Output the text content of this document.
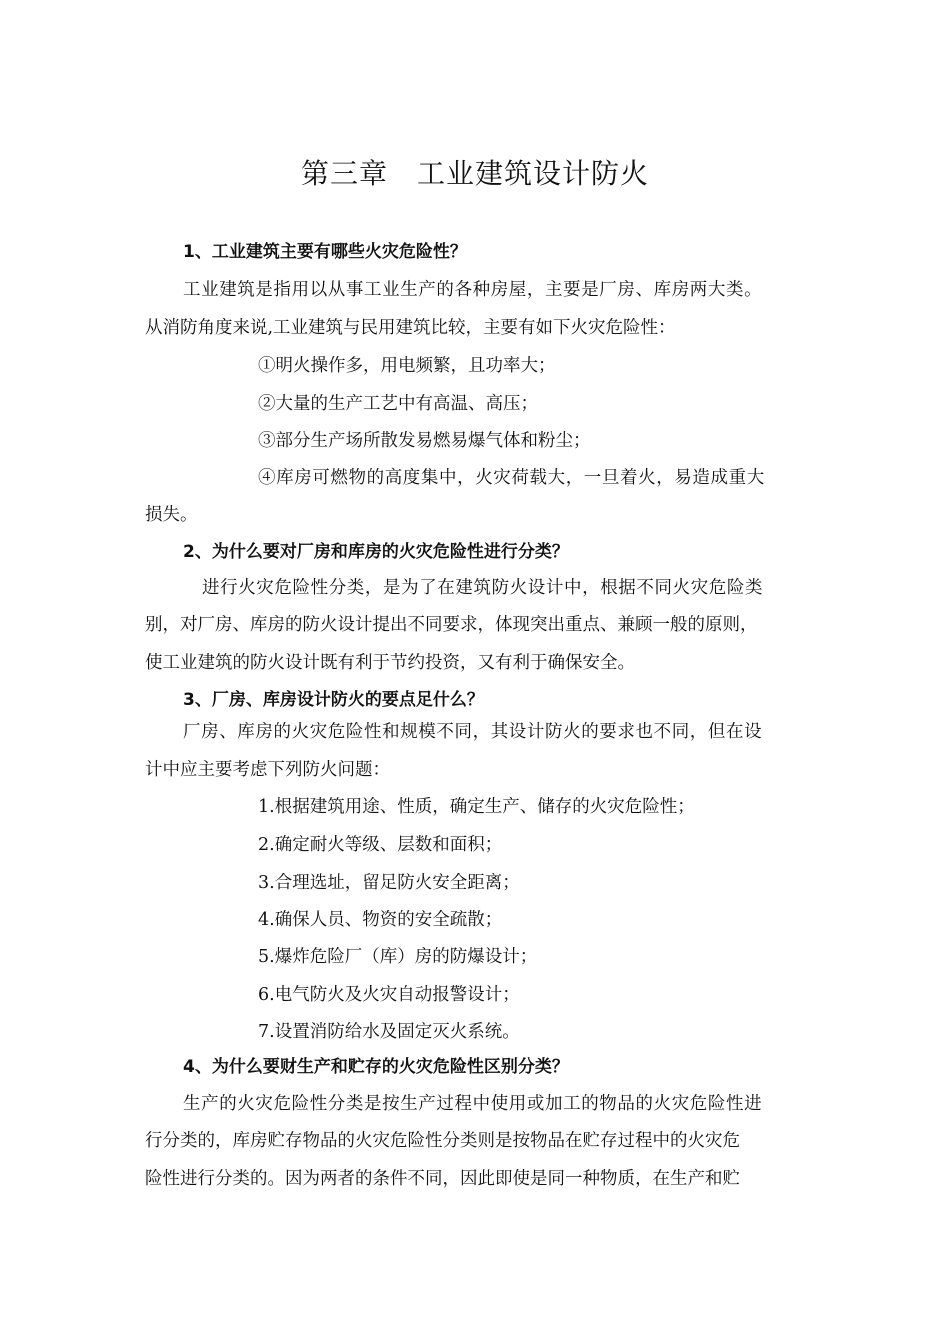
第三章　工业建筑设计防火
1、工业建筑主要有哪些火灾危险性？
工业建筑是指用以从事工业生产的各种房屋，主要是厂房、库房两大类。
从消防角度来说,工业建筑与民用建筑比较，主要有如下火灾危险性：
①明火操作多，用电频繁，且功率大；
②大量的生产工艺中有高温、高压；
③部分生产场所散发易燃易爆气体和粉尘；
④库房可燃物的高度集中，火灾荷载大，一旦着火，易造成重大
损失。
2、为什么要对厂房和库房的火灾危险性进行分类？
进行火灾危险性分类，是为了在建筑防火设计中，根据不同火灾危险类
别，对厂房、库房的防火设计提出不同要求，体现突出重点、兼顾一般的原则，
使工业建筑的防火设计既有利于节约投资，又有利于确保安全。
3、厂房、库房设计防火的要点足什么？
厂房、库房的火灾危险性和规模不同，其设计防火的要求也不同，但在设
计中应主要考虑下列防火问题：
1.根据建筑用途、性质，确定生产、储存的火灾危险性；
2.确定耐火等级、层数和面积；
3.合理选址，留足防火安全距离；
4.确保人员、物资的安全疏散；
5.爆炸危险厂（库）房的防爆设计；
6.电气防火及火灾自动报警设计；
7.设置消防给水及固定灭火系统。
4、为什么要财生产和贮存的火灾危险性区别分类？
生产的火灾危险性分类是按生产过程中使用或加工的物品的火灾危险性进
行分类的，库房贮存物品的火灾危险性分类则是按物品在贮存过程中的火灾危
险性进行分类的。因为两者的条件不同，因此即使是同一种物质，在生产和贮
